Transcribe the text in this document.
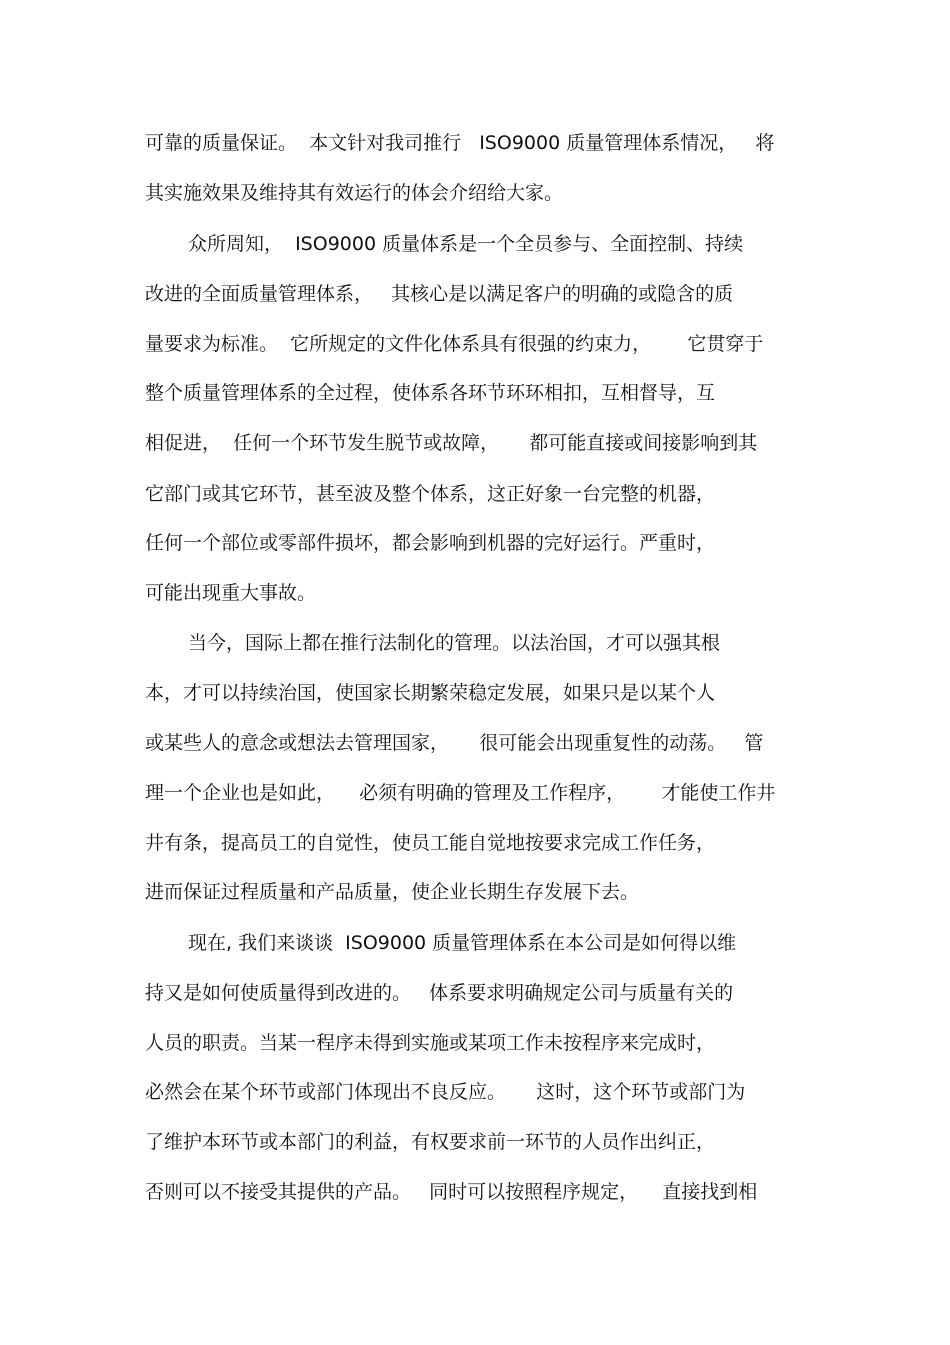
可靠的质量保证。  本文针对我司推行   ISO9000 质量管理体系情况，   将
其实施效果及维持其有效运行的体会介绍给大家。
众所周知，  ISO9000 质量体系是一个全员参与、全面控制、持续
改进的全面质量管理体系，   其核心是以满足客户的明确的或隐含的质
量要求为标准。  它所规定的文件化体系具有很强的约束力，      它贯穿于
整个质量管理体系的全过程，使体系各环节环环相扣，互相督导，互
相促进，  任何一个环节发生脱节或故障，     都可能直接或间接影响到其
它部门或其它环节，甚至波及整个体系，这正好象一台完整的机器，
任何一个部位或零部件损坏，都会影响到机器的完好运行。严重时，
可能出现重大事故。
当今，国际上都在推行法制化的管理。以法治国，才可以强其根
本，才可以持续治国，使国家长期繁荣稳定发展，如果只是以某个人
或某些人的意念或想法去管理国家，     很可能会出现重复性的动荡。   管
理一个企业也是如此，    必须有明确的管理及工作程序，      才能使工作井
井有条，提高员工的自觉性，使员工能自觉地按要求完成工作任务，
进而保证过程质量和产品质量，使企业长期生存发展下去。
现在, 我们来谈谈  ISO9000 质量管理体系在本公司是如何得以维
持又是如何使质量得到改进的。   体系要求明确规定公司与质量有关的
人员的职责。当某一程序未得到实施或某项工作未按程序来完成时，
必然会在某个环节或部门体现出不良反应。     这时，这个环节或部门为
了维护本环节或本部门的利益，有权要求前一环节的人员作出纠正，
否则可以不接受其提供的产品。   同时可以按照程序规定，    直接找到相
